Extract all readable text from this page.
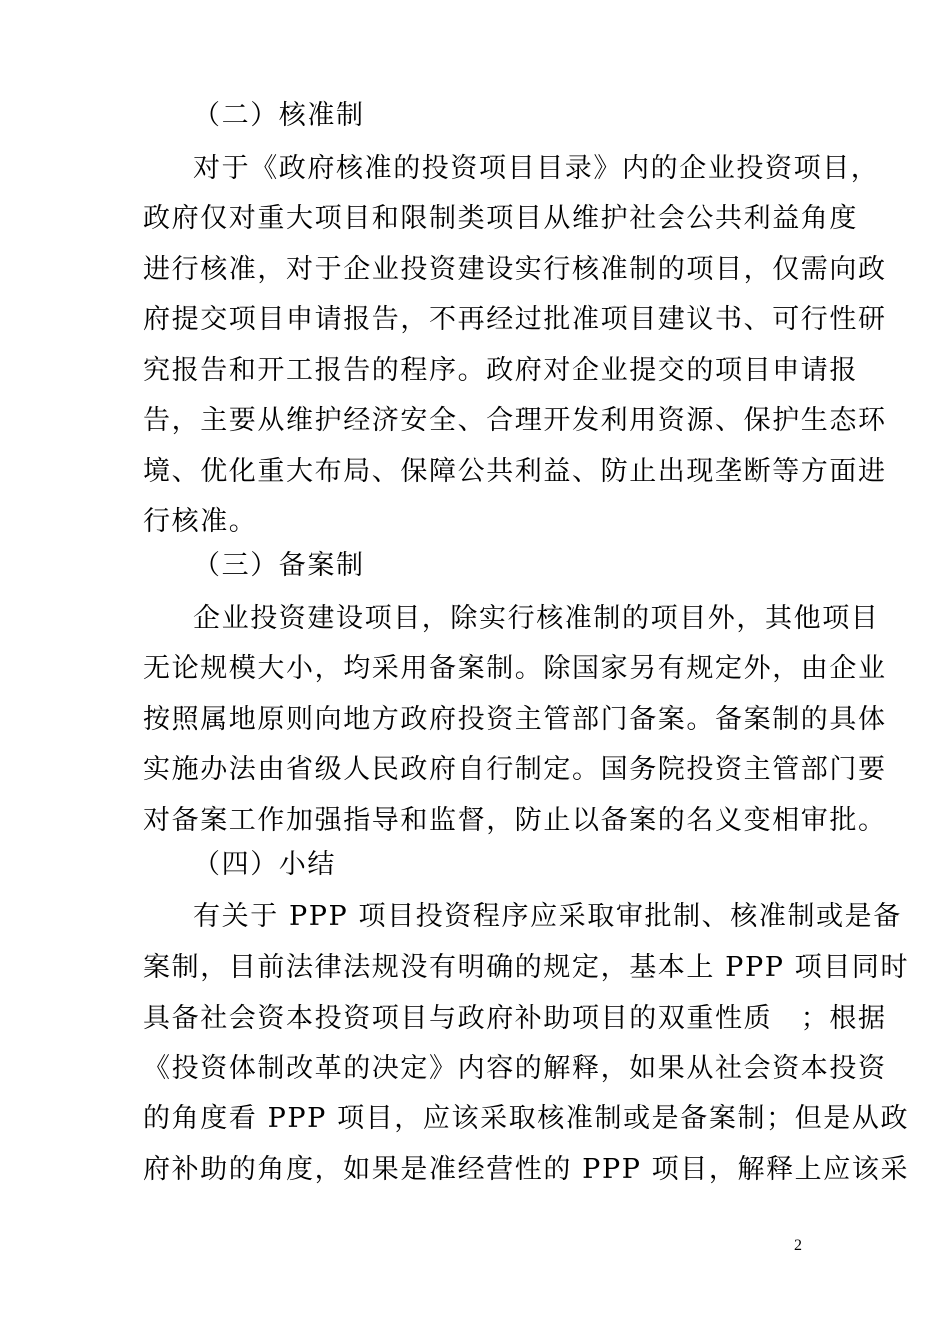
（二）核准制
对于《政府核准的投资项目目录》内的企业投资项目，
政府仅对重大项目和限制类项目从维护社会公共利益角度
进行核准，对于企业投资建设实行核准制的项目，仅需向政
府提交项目申请报告，不再经过批准项目建议书、可行性研
究报告和开工报告的程序。政府对企业提交的项目申请报
告，主要从维护经济安全、合理开发利用资源、保护生态环
境、优化重大布局、保障公共利益、防止出现垄断等方面进
行核准。
（三）备案制
企业投资建设项目，除实行核准制的项目外，其他项目
无论规模大小，均采用备案制。除国家另有规定外，由企业
按照属地原则向地方政府投资主管部门备案。备案制的具体
实施办法由省级人民政府自行制定。国务院投资主管部门要
对备案工作加强指导和监督，防止以备案的名义变相审批。
（四）小结
有关于 PPP 项目投资程序应采取审批制、核准制或是备
案制，目前法律法规没有明确的规定，基本上 PPP 项目同时
具备社会资本投资项目与政府补助项目的双重性质　；根据
《投资体制改革的决定》内容的解释，如果从社会资本投资
的角度看 PPP 项目，应该采取核准制或是备案制；但是从政
府补助的角度，如果是准经营性的 PPP 项目，解释上应该采
2
